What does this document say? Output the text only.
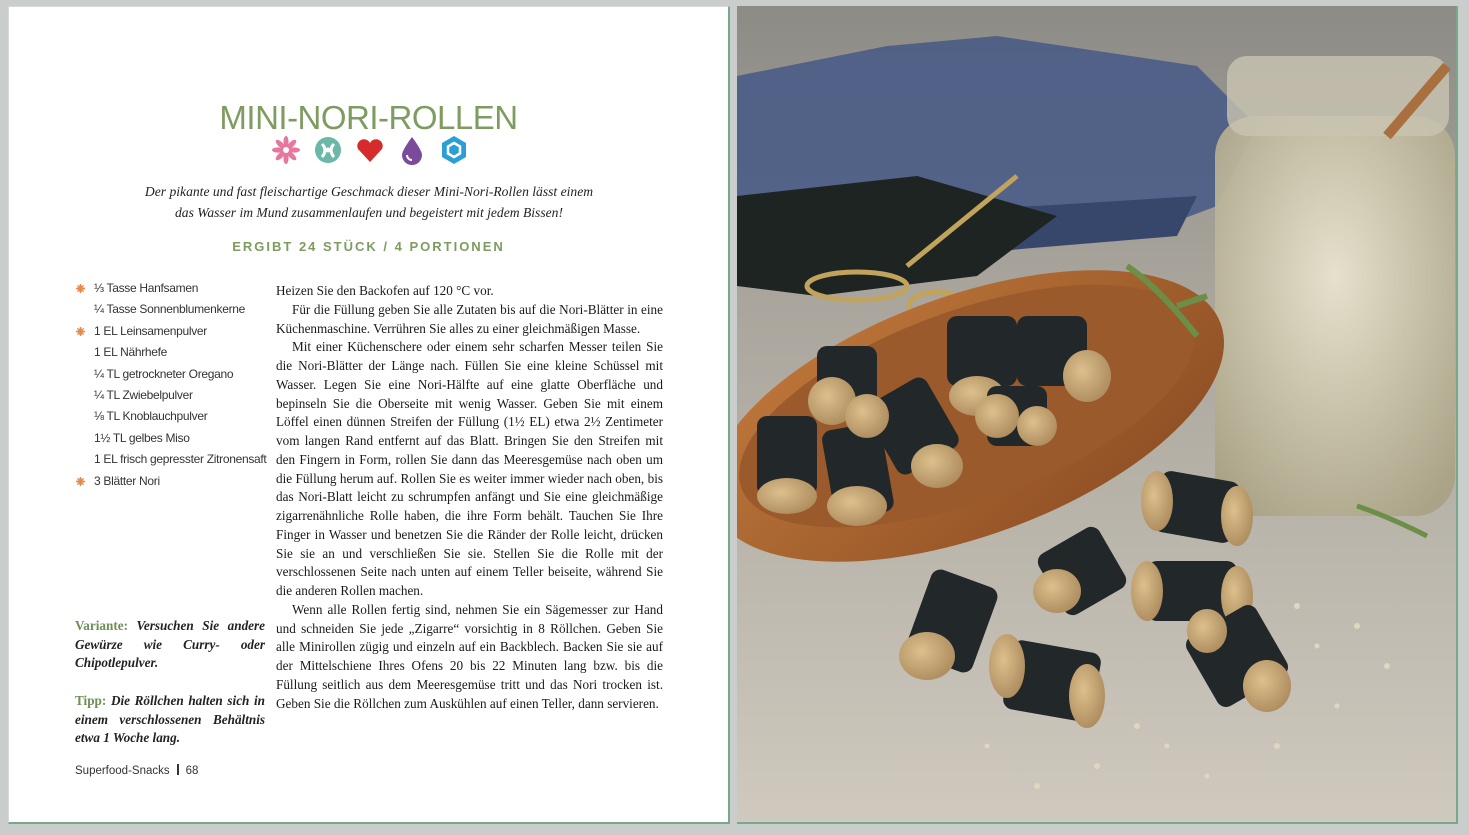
MINI-NORI-ROLLEN
Der pikante und fast fleischartige Geschmack dieser Mini-Nori-Rollen lässt einem
das Wasser im Mund zusammenlaufen und begeistert mit jedem Bissen!
ERGIBT 24 STÜCK / 4 PORTIONEN
⅓ Tasse Hanfsamen
¼ Tasse Sonnenblumenkerne
1 EL Leinsamenpulver
1 EL Nährhefe
¼ TL getrockneter Oregano
¼ TL Zwiebelpulver
⅛ TL Knoblauchpulver
1½ TL gelbes Miso
1 EL frisch gepresster Zitronensaft
3 Blätter Nori

Heizen Sie den Backofen auf 120 °C vor.

Für die Füllung geben Sie alle Zutaten bis auf die Nori-Blätter in eine Küchenmaschine. Verrühren Sie alles zu einer gleichmäßigen Masse.

Mit einer Küchenschere oder einem sehr scharfen Messer teilen Sie die Nori-Blätter der Länge nach. Füllen Sie eine kleine Schüssel mit Wasser. Legen Sie eine Nori-Hälfte auf eine glatte Oberfläche und bepinseln Sie die Oberseite mit wenig Wasser. Geben Sie mit einem Löffel einen dünnen Streifen der Füllung (1½ EL) etwa 2½ Zentimeter vom langen Rand entfernt auf das Blatt. Bringen Sie den Streifen mit den Fingern in Form, rollen Sie dann das Meeresgemüse nach oben um die Füllung herum auf. Rollen Sie es weiter immer wieder nach oben, bis das Nori-Blatt leicht zu schrumpfen anfängt und Sie eine gleichmäßige zigarrenähnliche Rolle haben, die ihre Form behält. Tauchen Sie Ihre Finger in Wasser und benetzen Sie die Ränder der Rolle leicht, drücken Sie sie an und verschließen Sie sie. Stellen Sie die Rolle mit der verschlossenen Seite nach unten auf einem Teller beiseite, während Sie die anderen Rollen machen.

Wenn alle Rollen fertig sind, nehmen Sie ein Sägemesser zur Hand und schneiden Sie jede „Zigarre“ vorsichtig in 8 Röllchen. Geben Sie alle Minirollen zügig und einzeln auf ein Backblech. Backen Sie sie auf der Mittelschiene Ihres Ofens 20 bis 22 Minuten lang bzw. bis die Füllung seitlich aus dem Meeresgemüse tritt und das Nori trocken ist. Geben Sie die Röllchen zum Auskühlen auf einen Teller, dann servieren.

Variante: Versuchen Sie andere Gewürze wie Curry- oder Chipotlepulver.
Tipp: Die Röllchen halten sich in einem verschlossenen Behältnis etwa 1 Woche lang.
Superfood-Snacks 68
